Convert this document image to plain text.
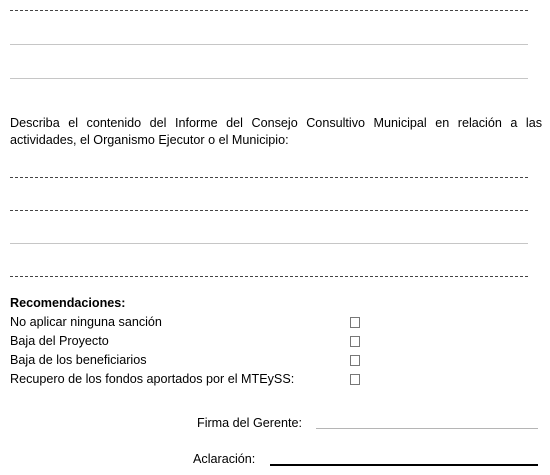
Describa el contenido del Informe del Consejo Consultivo Municipal en relación a las actividades, el Organismo Ejecutor o el Municipio:
Recomendaciones:
No aplicar ninguna sanción
Baja del Proyecto
Baja de los beneficiarios
Recupero de los fondos aportados por el MTEySS:
Firma del Gerente:
Aclaración:
